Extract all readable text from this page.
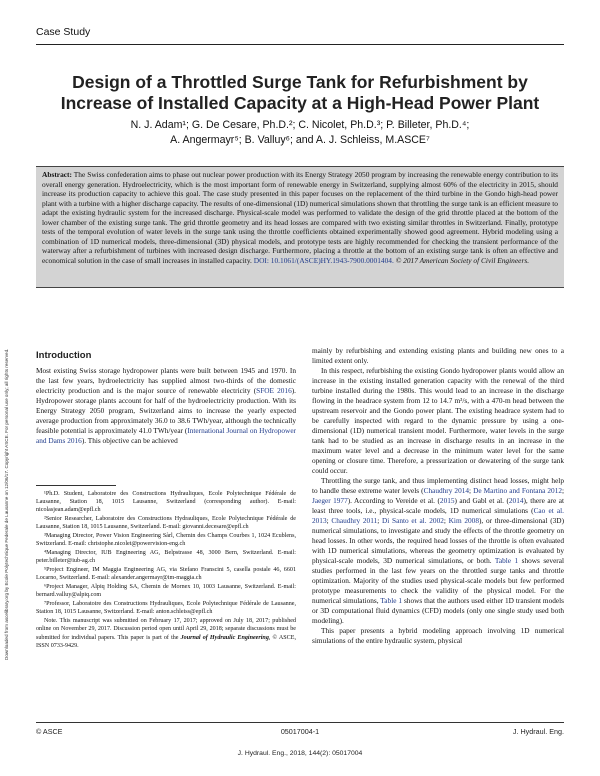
Case Study
Downloaded from ascelibrary.org by Ecole Polytechnique Federale de Lausanne on 12/06/17. Copyright ASCE. For personal use only; all rights reserved.
Design of a Throttled Surge Tank for Refurbishment by Increase of Installed Capacity at a High-Head Power Plant
N. J. Adam¹; G. De Cesare, Ph.D.²; C. Nicolet, Ph.D.³; P. Billeter, Ph.D.⁴;
A. Angermayr⁵; B. Valluy⁶; and A. J. Schleiss, M.ASCE⁷

Abstract: The Swiss confederation aims to phase out nuclear power production with its Energy Strategy 2050 program by increasing the renewable energy contribution to its overall energy generation. Hydroelectricity, which is the most important form of renewable energy in Switzerland, supplying almost 60% of the electricity in 2015, should increase its production capacity to achieve this goal. The case study presented in this paper focuses on the replacement of the third turbine in the Gondo high-head power plant with a turbine with a higher discharge capacity. The results of one-dimensional (1D) numerical simulations shown that throttling the surge tank is an efficient measure to adapt the existing hydraulic system for the increased discharge. Physical-scale model was performed to validate the design of the grid throttle placed at the bottom of the lower chamber of the existing surge tank. The grid throttle geometry and its head losses are compared with two existing similar throttles in Switzerland. Finally, prototype tests of the temporal evolution of water levels in the surge tank using the throttle coefficients obtained experimentally showed good agreement. Hybrid modeling using a combination of 1D numerical models, three-dimensional (3D) physical models, and prototype tests are highly recommended for checking the transient performance of the waterway after a refurbishment of turbines with increased design discharge. Furthermore, placing a throttle at the bottom of an existing surge tank is often an effective and economical solution in the case of small increases in installed capacity. DOI: 10.1061/(ASCE)HY.1943-7900.0001404. © 2017 American Society of Civil Engineers.

Introduction

Most existing Swiss storage hydropower plants were built between 1945 and 1970. In the last few years, hydroelectricity has supplied almost two-thirds of the domestic electricity production and is the major source of renewable electricity (SFOE 2016). Hydropower storage plants account for half of the hydroelectricity production. With its Energy Strategy 2050 program, Switzerland aims to increase the yearly expected average production from approximately 36.0 to 38.6 TWh/year, although the technically feasible potential is approximately 41.0 TWh/year (International Journal on Hydropower and Dams 2016). This objective can be achieved

¹Ph.D. Student, Laboratoire des Constructions Hydrauliques, Ecole Polytechnique Fédérale de Lausanne, Station 18, 1015 Lausanne, Switzerland (corresponding author). E-mail: nicolasjean.adam@epfl.ch

²Senior Researcher, Laboratoire des Constructions Hydrauliques, Ecole Polytechnique Fédérale de Lausanne, Station 18, 1015 Lausanne, Switzerland. E-mail: giovanni.decesare@epfl.ch

³Managing Director, Power Vision Engineering Sàrl, Chemin des Champs Courbes 1, 1024 Ecublens, Switzerland. E-mail: christophe.nicolet@powervision-eng.ch

⁴Managing Director, IUB Engineering AG, Belpstrasse 48, 3000 Bern, Switzerland. E-mail: peter.billeter@iub-ag.ch

⁵Project Engineer, IM Maggia Engineering AG, via Stefano Franscini 5, casella postale 46, 6601 Locarno, Switzerland. E-mail: alexander.angermayr@im-maggia.ch

⁶Project Manager, Alpiq Holding SA, Chemin de Mornex 10, 1003 Lausanne, Switzerland. E-mail: bernard.valluy@alpiq.com

⁷Professor, Laboratoire des Constructions Hydrauliques, Ecole Polytechnique Fédérale de Lausanne, Station 18, 1015 Lausanne, Switzerland. E-mail: anton.schleiss@epfl.ch

Note. This manuscript was submitted on February 17, 2017; approved on July 18, 2017; published online on November 29, 2017. Discussion period open until April 29, 2018; separate discussions must be submitted for individual papers. This paper is part of the Journal of Hydraulic Engineering, © ASCE, ISSN 0733-9429.

mainly by refurbishing and extending existing plants and building new ones to a limited extent only.

In this respect, refurbishing the existing Gondo hydropower plants would allow an increase in the existing installed generation capacity with the renewal of the third turbine installed during the 1980s. This would lead to an increase in the discharge flowing in the headrace system from 12 to 14.7 m³/s, with a 470-m head between the upstream reservoir and the Gondo power plant. The existing headrace system had to be carefully inspected with regard to the dynamic pressure by using a one-dimensional (1D) numerical transient model. Furthermore, water levels in the surge tank had to be studied as an increase in discharge results in an increase in the maximum water level and a decrease in the minimum water level for the same opening or closure time. Therefore, a pressurization or dewatering of the surge tank could occur.

Throttling the surge tank, and thus implementing distinct head losses, might help to handle these extreme water levels (Chaudhry 2014; De Martino and Fontana 2012; Jaeger 1977). According to Vereide et al. (2015) and Gabl et al. (2014), there are at least three tools, i.e., physical-scale models, 1D numerical simulations (Cao et al. 2013; Chaudhry 2011; Di Santo et al. 2002; Kim 2008), or three-dimensional (3D) numerical simulations, to investigate and study the effects of the throttle geometry on head losses. In other words, the required head losses of the throttle is often evaluated with 1D numerical simulations, whereas the geometry optimization is evaluated by physical-scale models, 3D numerical simulations, or both. Table 1 shows several studies performed in the last few years on the throttled surge tanks and throttle optimization. Majority of the studies used physical-scale models but few performed prototype measurements to check the validity of the physical model. For the numerical simulations, Table 1 shows that the authors used either 1D transient models or 3D computational fluid dynamics (CFD) models (only one single study used both modeling).

This paper presents a hybrid modeling approach involving 1D numerical simulations of the entire hydraulic system, physical

© ASCE	05017004-1	J. Hydraul. Eng.
J. Hydraul. Eng., 2018, 144(2): 05017004
